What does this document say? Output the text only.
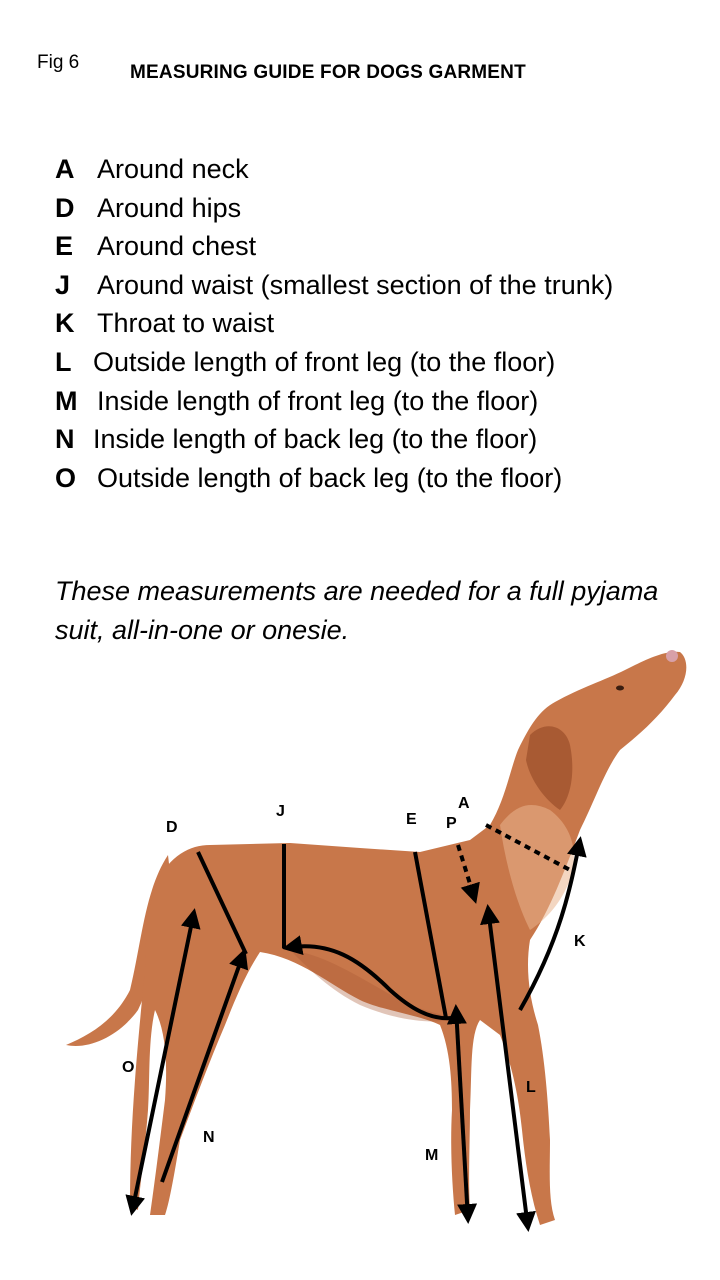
Fig 6	MEASURING GUIDE FOR DOGS GARMENT
A Around neck
D Around hips
E Around chest
J Around waist (smallest section of the trunk)
K Throat to waist
L Outside length of front leg (to the floor)
M Inside length of front leg (to the floor)
N Inside length of back leg (to the floor)
O Outside length of back leg (to the floor)

These measurements are needed for a full pyjama suit, all-in-one or onesie.

D
J	E P
A
K
L
M
O
N
